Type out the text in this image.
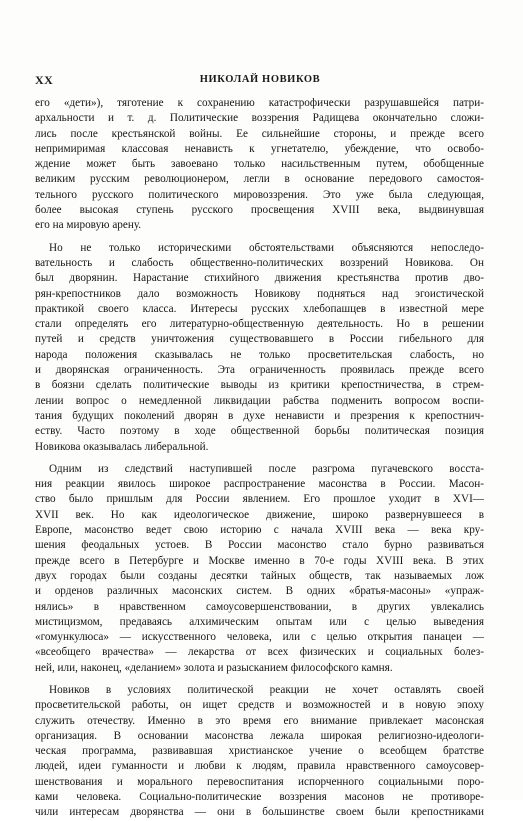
XX	НИКОЛАЙ НОВИКОВ
его «дети»), тяготение к сохранению катастрофически разрушавшейся патри-
архальности и т. д. Политические воззрения Радищева окончательно сложи-
лись после крестьянской войны. Ее сильнейшие стороны, и прежде всего
непримиримая классовая ненависть к угнетателю, убеждение, что освобо-
ждение может быть завоевано только насильственным путем, обобщенные
великим русским революционером, легли в основание передового самостоя-
тельного русского политического мировоззрения. Это уже была следующая,
более высокая ступень русского просвещения XVIII века, выдвинувшая
его на мировую арену.
Но не только историческими обстоятельствами объясняются непоследо-
вательность и слабость общественно-политических воззрений Новикова. Он
был дворянин. Нарастание стихийного движения крестьянства против дво-
рян-крепостников дало возможность Новикову подняться над эгоистической
практикой своего класса. Интересы русских хлебопашцев в известной мере
стали определять его литературно-общественную деятельность. Но в решении
путей и средств уничтожения существовавшего в России гибельного для
народа положения сказывалась не только просветительская слабость, но
и дворянская ограниченность. Эта ограниченность проявилась прежде всего
в боязни сделать политические выводы из критики крепостничества, в стрем-
лении вопрос о немедленной ликвидации рабства подменить вопросом воспи-
тания будущих поколений дворян в духе ненависти и презрения к крепостнич-
еству. Часто поэтому в ходе общественной борьбы политическая позиция
Новикова оказывалась либеральной.
Одним из следствий наступившей после разгрома пугачевского восста-
ния реакции явилось широкое распространение масонства в России. Масон-
ство было пришлым для России явлением. Его прошлое уходит в XVI—
XVII век. Но как идеологическое движение, широко развернувшееся в
Европе, масонство ведет свою историю с начала XVIII века — века кру-
шения феодальных устоев. В России масонство стало бурно развиваться
прежде всего в Петербурге и Москве именно в 70-е годы XVIII века. В этих
двух городах были созданы десятки тайных обществ, так называемых лож
и орденов различных масонских систем. В одних «братья-масоны» «упраж-
нялись» в нравственном самоусовершенствовании, в других увлекались
мистицизмом, предаваясь алхимическим опытам или с целью выведения
«гомункулюса» — искусственного человека, или с целью открытия панацеи —
«всеобщего врачества» — лекарства от всех физических и социальных болез-
ней, или, наконец, «деланием» золота и разысканием философского камня.
Новиков в условиях политической реакции не хочет оставлять своей
просветительской работы, он ищет средств и возможностей и в новую эпоху
служить отечеству. Именно в это время его внимание привлекает масонская
организация. В основании масонства лежала широкая религиозно-идеологи-
ческая программа, развивавшая христианское учение о всеобщем братстве
людей, идеи гуманности и любви к людям, правила нравственного самоусовер-
шенствования и морального перевоспитания испорченного социальными поро-
ками человека. Социально-политические воззрения масонов не противоре-
чили интересам дворянства — они в большинстве своем были крепостниками
